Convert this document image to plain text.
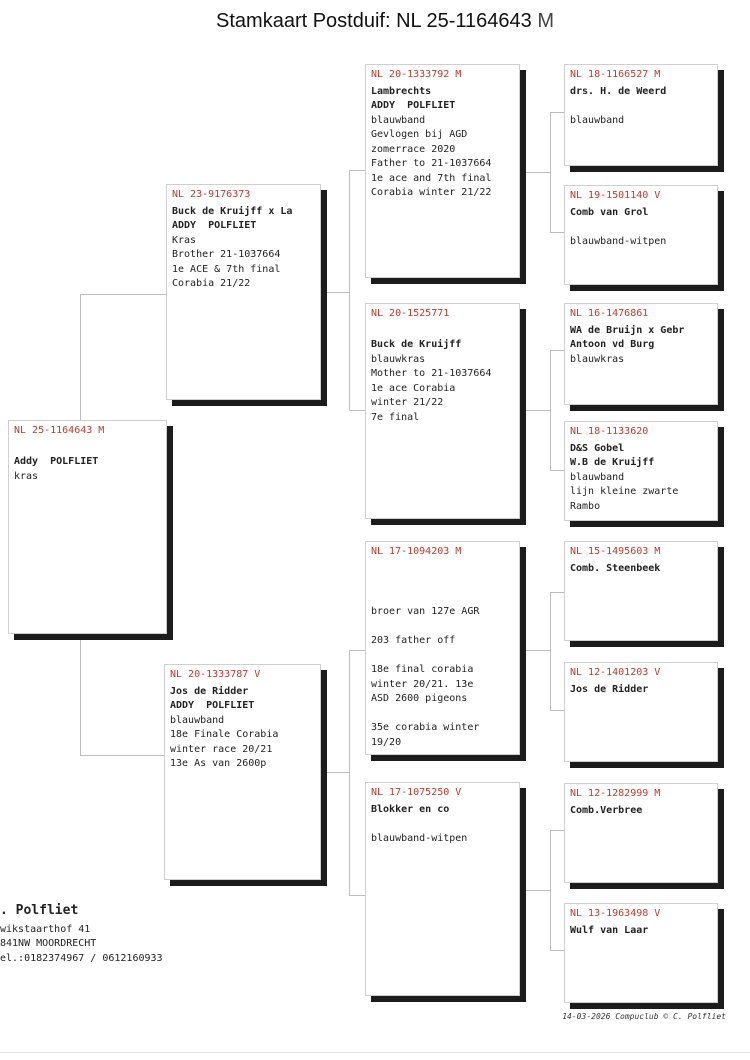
Stamkaart Postduif: NL 25-1164643 M
NL 25-1164643 M

Addy  POLFLIET
kras
NL 23-9176373
Buck de Kruijff x La
ADDY  POLFLIET
Kras
Brother 21-1037664
1e ACE & 7th final
Corabia 21/22
NL 20-1333787 V
Jos de Ridder
ADDY  POLFLIET
blauwband
18e Finale Corabia
winter race 20/21
13e As van 2600p
NL 20-1333792 M
Lambrechts
ADDY  POLFLIET
blauwband
Gevlogen bij AGD
zomerrace 2020
Father to 21-1037664
1e ace and 7th final
Corabia winter 21/22
NL 20-1525771

Buck de Kruijff
blauwkras
Mother to 21-1037664
1e ace Corabia
winter 21/22
7e final
NL 17-1094203 M

broer van 127e AGR

203 father off

18e final corabia
winter 20/21. 13e
ASD 2600 pigeons

35e corabia winter
19/20
NL 17-1075250 V
Blokker en co

blauwband-witpen
NL 18-1166527 M
drs. H. de Weerd

blauwband
NL 19-1501140 V
Comb van Grol

blauwband-witpen
NL 16-1476861
WA de Bruijn x Gebr
Antoon vd Burg
blauwkras
NL 18-1133620
D&S Gobel
W.B de Kruijff
blauwband
lijn kleine zwarte
Rambo
NL 15-1495603 M
Comb. Steenbeek
NL 12-1401203 V
Jos de Ridder
NL 12-1282999 M
Comb.Verbree
NL 13-1963498 V
Wulf van Laar
. Polfliet
wikstaarthof 41
841NW MOORDRECHT
el.:0182374967 / 0612160933
14-03-2026 Compuclub © C. Polfliet
